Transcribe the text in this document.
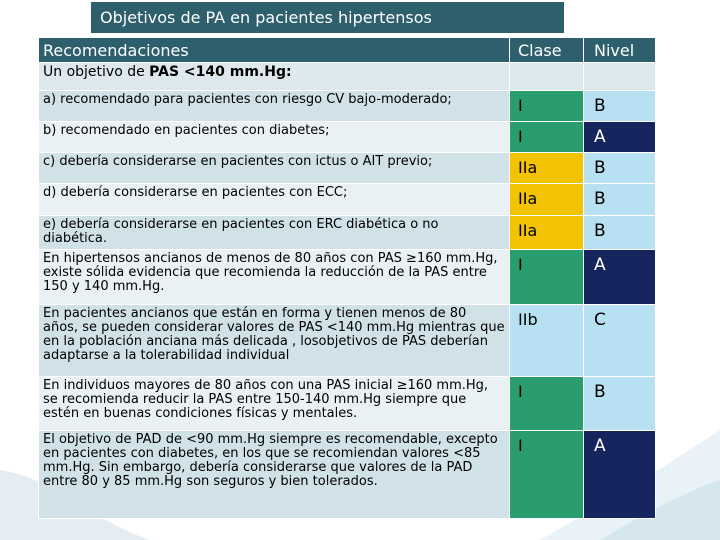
Objetivos de PA en pacientes hipertensos
Recomendaciones	Clase	Nivel
Un objetivo de PAS <140 mm.Hg:		
a) recomendado para pacientes con riesgo CV bajo-moderado;	I	B
b) recomendado en pacientes con diabetes;	I	A
c) debería considerarse en pacientes con ictus o AIT previo;	IIa	B
d) debería considerarse en pacientes con ECC;	IIa	B
e) debería considerarse en pacientes con ERC diabética o no diabética.	IIa	B
En hipertensos ancianos de menos de 80 años con PAS ≥160 mm.Hg, existe sólida evidencia que recomienda la reducción de la PAS entre 150 y 140 mm.Hg.	I	A
En pacientes ancianos que están en forma y tienen menos de 80 años, se pueden considerar valores de PAS <140 mm.Hg mientras que en la población anciana más delicada , losobjetivos de PAS deberían adaptarse a la tolerabilidad individual	IIb	C
En individuos mayores de 80 años con una PAS inicial ≥160 mm.Hg, se recomienda reducir la PAS entre 150-140 mm.Hg siempre que estén en buenas condiciones físicas y mentales.	I	B
El objetivo de PAD de <90 mm.Hg siempre es recomendable, excepto en pacientes con diabetes, en los que se recomiendan valores <85 mm.Hg. Sin embargo, debería considerarse que valores de la PAD entre 80 y 85 mm.Hg son seguros y bien tolerados.	I	A
